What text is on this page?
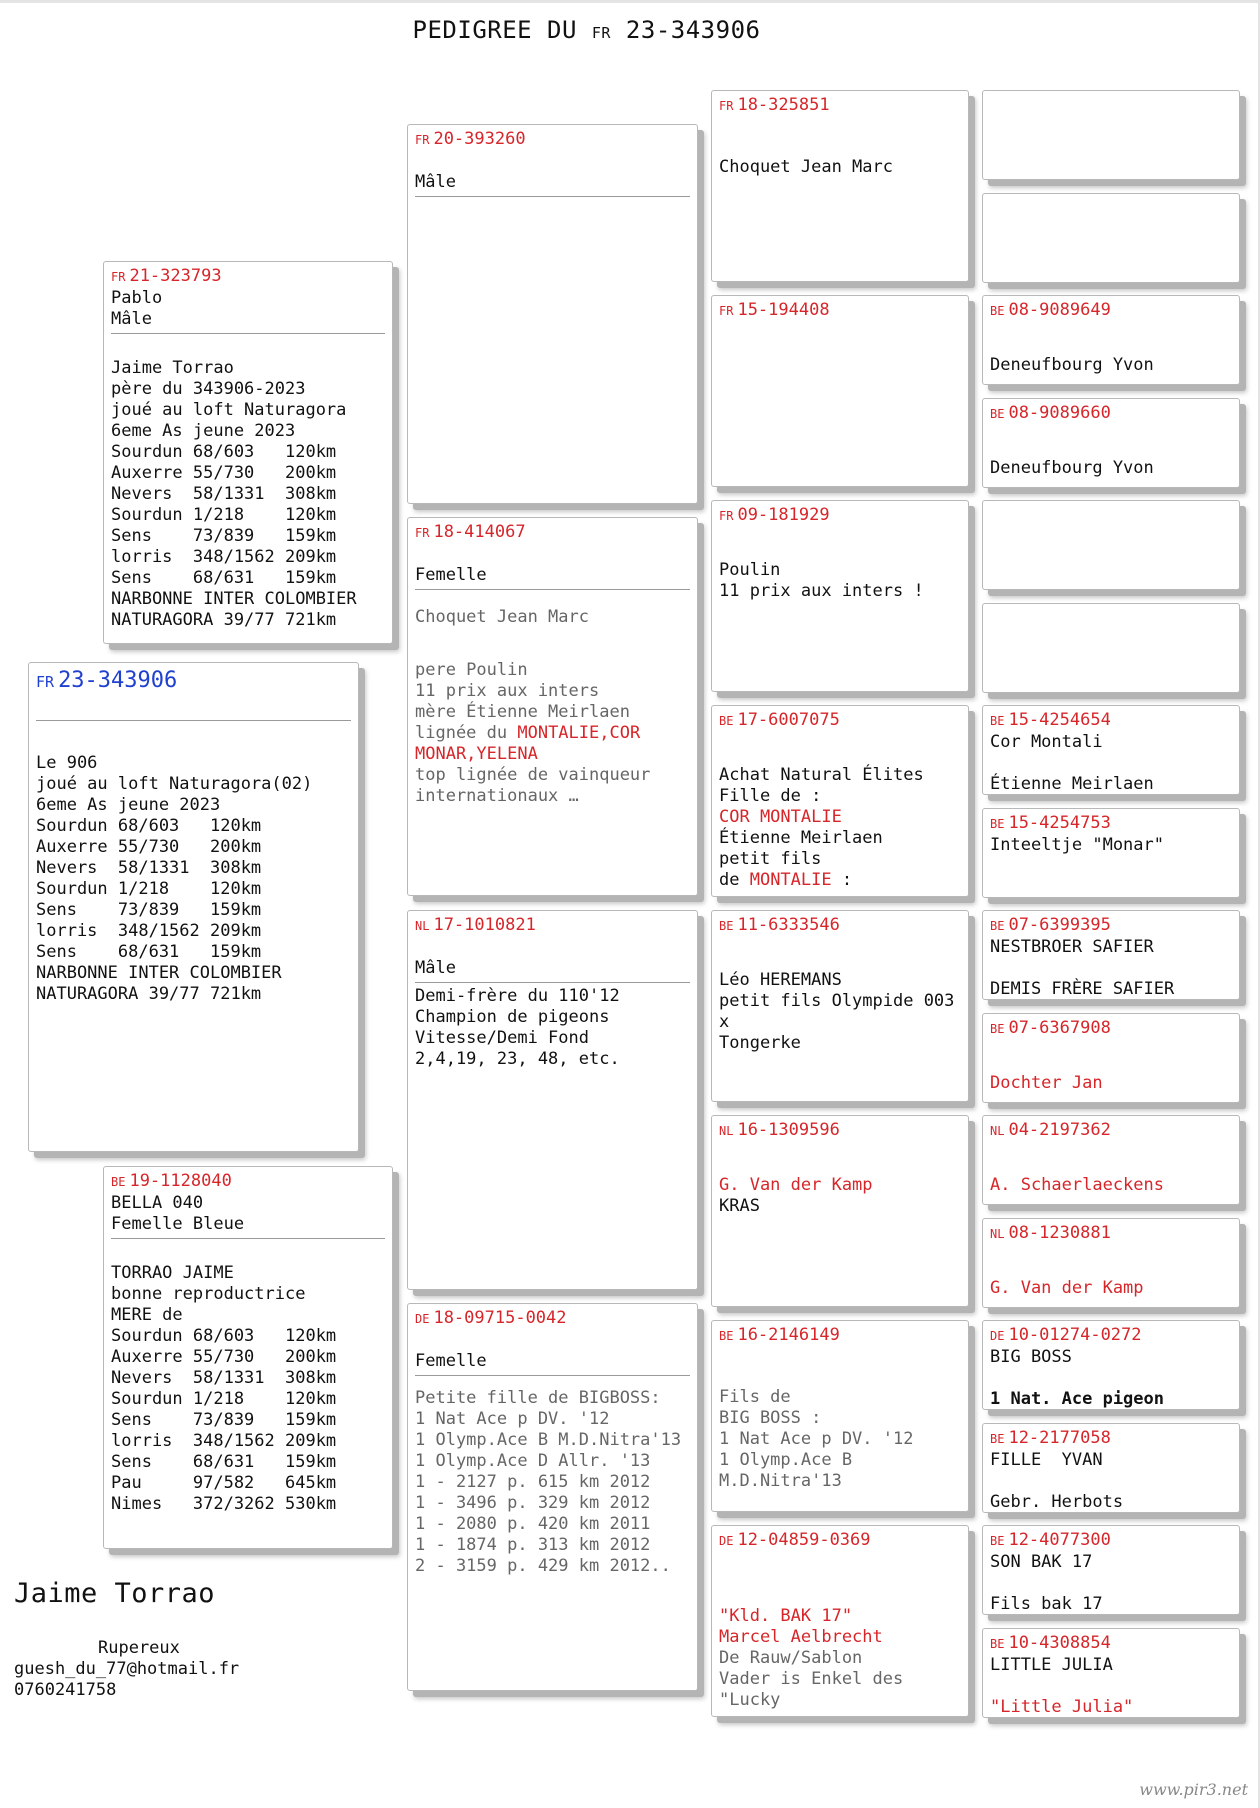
PEDIGREE DU FR 23-343906
FR 23-343906
Le 906
joué au loft Naturagora(02)
6eme As jeune 2023
Sourdun 68/603   120km
Auxerre 55/730   200km
Nevers  58/1331  308km
Sourdun 1/218    120km
Sens    73/839   159km
lorris  348/1562 209km
Sens    68/631   159km
NARBONNE INTER COLOMBIER
NATURAGORA 39/77 721km
FR 21-323793
Pablo
Mâle
Jaime Torrao
père du 343906-2023
joué au loft Naturagora
6eme As jeune 2023
Sourdun 68/603   120km
Auxerre 55/730   200km
Nevers  58/1331  308km
Sourdun 1/218    120km
Sens    73/839   159km
lorris  348/1562 209km
Sens    68/631   159km
NARBONNE INTER COLOMBIER
NATURAGORA 39/77 721km
BE 19-1128040
BELLA 040
Femelle Bleue
TORRAO JAIME
bonne reproductrice
MERE de
Sourdun 68/603   120km
Auxerre 55/730   200km
Nevers  58/1331  308km
Sourdun 1/218    120km
Sens    73/839   159km
lorris  348/1562 209km
Sens    68/631   159km
Pau     97/582   645km
Nimes   372/3262 530km
FR 20-393260
Mâle
FR 18-414067
Femelle
Choquet Jean Marc
pere Poulin
11 prix aux inters
mère Étienne Meirlaen
lignée du MONTALIE,COR
MONAR,YELENA
top lignée de vainqueur
internationaux …
NL 17-1010821
Mâle
Demi-frère du 110'12
Champion de pigeons
Vitesse/Demi Fond
2,4,19, 23, 48, etc.
DE 18-09715-0042
Femelle
Petite fille de BIGBOSS:
1 Nat Ace p DV. '12
1 Olymp.Ace B M.D.Nitra'13
1 Olymp.Ace D Allr. '13
1 - 2127 p. 615 km 2012
1 - 3496 p. 329 km 2012
1 - 2080 p. 420 km 2011
1 - 1874 p. 313 km 2012
2 - 3159 p. 429 km 2012..
FR 18-325851
Choquet Jean Marc
FR 15-194408
FR 09-181929
Poulin
11 prix aux inters !
BE 17-6007075
Achat Natural Élites
Fille de :
COR MONTALIE
Étienne Meirlaen
petit fils
de MONTALIE :
BE 11-6333546
Léo HEREMANS
petit fils Olympide 003
x
Tongerke
NL 16-1309596
G. Van der Kamp
KRAS
BE 16-2146149
Fils de
BIG BOSS :
1 Nat Ace p DV. '12
1 Olymp.Ace B
M.D.Nitra'13
DE 12-04859-0369
"Kld. BAK 17"
Marcel Aelbrecht
De Rauw/Sablon
Vader is Enkel des
"Lucky
BE 08-9089649
Deneufbourg Yvon
BE 08-9089660
Deneufbourg Yvon
BE 15-4254654
Cor Montali
Étienne Meirlaen
BE 15-4254753
Inteeltje "Monar"
BE 07-6399395
NESTBROER SAFIER
DEMIS FRÈRE SAFIER
BE 07-6367908
Dochter Jan
NL 04-2197362
A. Schaerlaeckens
NL 08-1230881
G. Van der Kamp
DE 10-01274-0272
BIG BOSS
1 Nat. Ace pigeon
BE 12-2177058
FILLE  YVAN
Gebr. Herbots
BE 12-4077300
SON BAK 17
Fils bak 17
BE 10-4308854
LITTLE JULIA
"Little Julia"
Jaime Torrao
Rupereux
guesh_du_77@hotmail.fr
0760241758
www.pir3.net
